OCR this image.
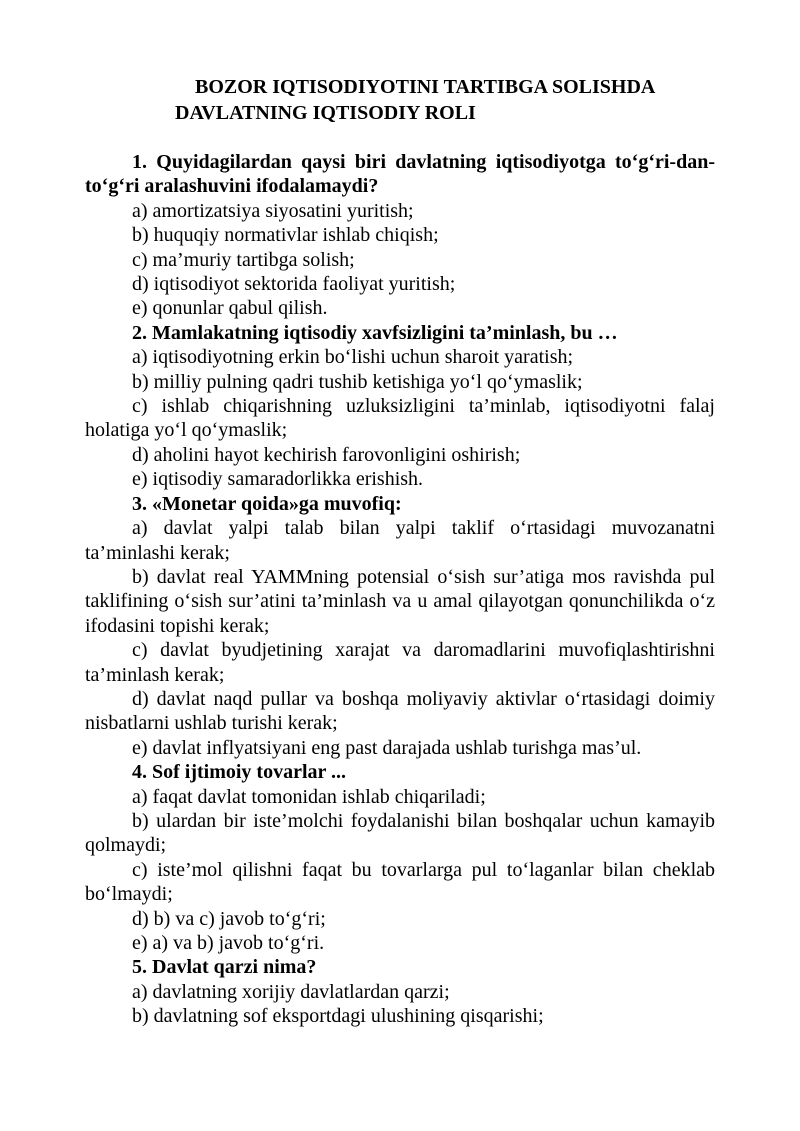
BOZOR IQTISODIYOTINI TARTIBGA SOLISHDA
DAVLATNING IQTISODIY ROLI

1. Quyidagilardan qaysi biri davlatning iqtisodiyotga to‘g‘ri-dan-to‘g‘ri aralashuvini ifodalamaydi?

a) amortizatsiya siyosatini yuritish;

b) huquqiy normativlar ishlab chiqish;

c) ma’muriy tartibga solish;

d) iqtisodiyot sektorida faoliyat yuritish;

e) qonunlar qabul qilish.

2. Mamlakatning iqtisodiy xavfsizligini ta’minlash, bu …

a) iqtisodiyotning erkin bo‘lishi uchun sharoit yaratish;

b) milliy pulning qadri tushib ketishiga yo‘l qo‘ymaslik;

c) ishlab chiqarishning uzluksizligini ta’minlab, iqtisodiyotni falaj holatiga yo‘l qo‘ymaslik;

d) aholini hayot kechirish farovonligini oshirish;

e) iqtisodiy samaradorlikka erishish.

3. «Monetar qoida»ga muvofiq:

a) davlat yalpi talab bilan yalpi taklif o‘rtasidagi muvozanatni ta’minlashi kerak;

b) davlat real YAMMning potensial o‘sish sur’atiga mos ravishda pul taklifining o‘sish sur’atini ta’minlash va u amal qilayotgan qonunchilikda o‘z ifodasini topishi kerak;

c) davlat byudjetining xarajat va daromadlarini muvofiqlashtirishni ta’minlash kerak;

d) davlat naqd pullar va boshqa moliyaviy aktivlar o‘rtasidagi doimiy nisbatlarni ushlab turishi kerak;

e) davlat inflyatsiyani eng past darajada ushlab turishga mas’ul.

4. Sof ijtimoiy tovarlar ...

a) faqat davlat tomonidan ishlab chiqariladi;

b) ulardan bir iste’molchi foydalanishi bilan boshqalar uchun kamayib qolmaydi;

c) iste’mol qilishni faqat bu tovarlarga pul to‘laganlar bilan cheklab bo‘lmaydi;

d) b) va c) javob to‘g‘ri;

e) a) va b) javob to‘g‘ri.

5. Davlat qarzi nima?

a) davlatning xorijiy davlatlardan qarzi;

b) davlatning sof eksportdagi ulushining qisqarishi;
